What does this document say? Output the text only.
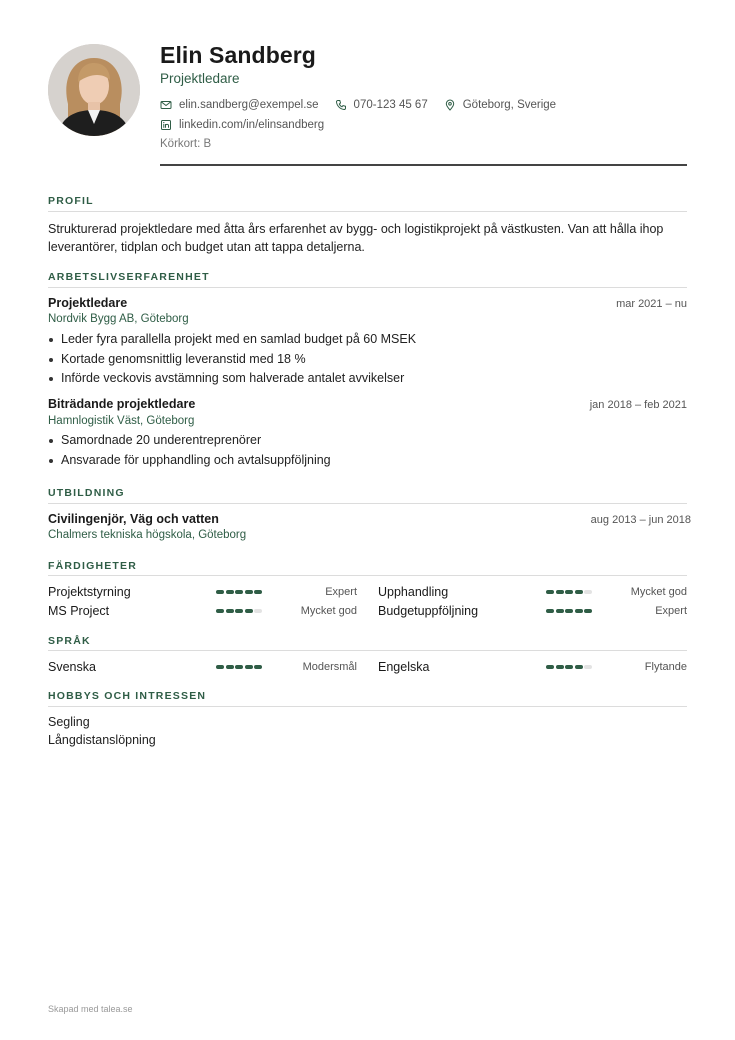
Elin Sandberg
Projektledare
elin.sandberg@exempel.se	070-123 45 67	Göteborg, Sverige
linkedin.com/in/elinsandberg
Körkort: B
PROFIL
Strukturerad projektledare med åtta års erfarenhet av bygg- och logistikprojekt på västkusten. Van att hålla ihop leverantörer, tidplan och budget utan att tappa detaljerna.
ARBETSLIVSERFARENHET
Projektledare	mar 2021 – nu
Nordvik Bygg AB, Göteborg
Leder fyra parallella projekt med en samlad budget på 60 MSEK
Kortade genomsnittlig leveranstid med 18 %
Införde veckovis avstämning som halverade antalet avvikelser
Biträdande projektledare	jan 2018 – feb 2021
Hamnlogistik Väst, Göteborg
Samordnade 20 underentreprenörer
Ansvarade för upphandling och avtalsuppföljning
UTBILDNING
Civilingenjör, Väg och vatten	aug 2013 – jun 2018
Chalmers tekniska högskola, Göteborg
FÄRDIGHETER
Projektstyrning	Expert Upphandling	Mycket god
MS Project	Mycket god Budgetuppföljning	Expert
SPRÅK
Svenska	Modersmål Engelska	Flytande
HOBBYS OCH INTRESSEN
Segling
Långdistanslöpning
Skapad med talea.se
